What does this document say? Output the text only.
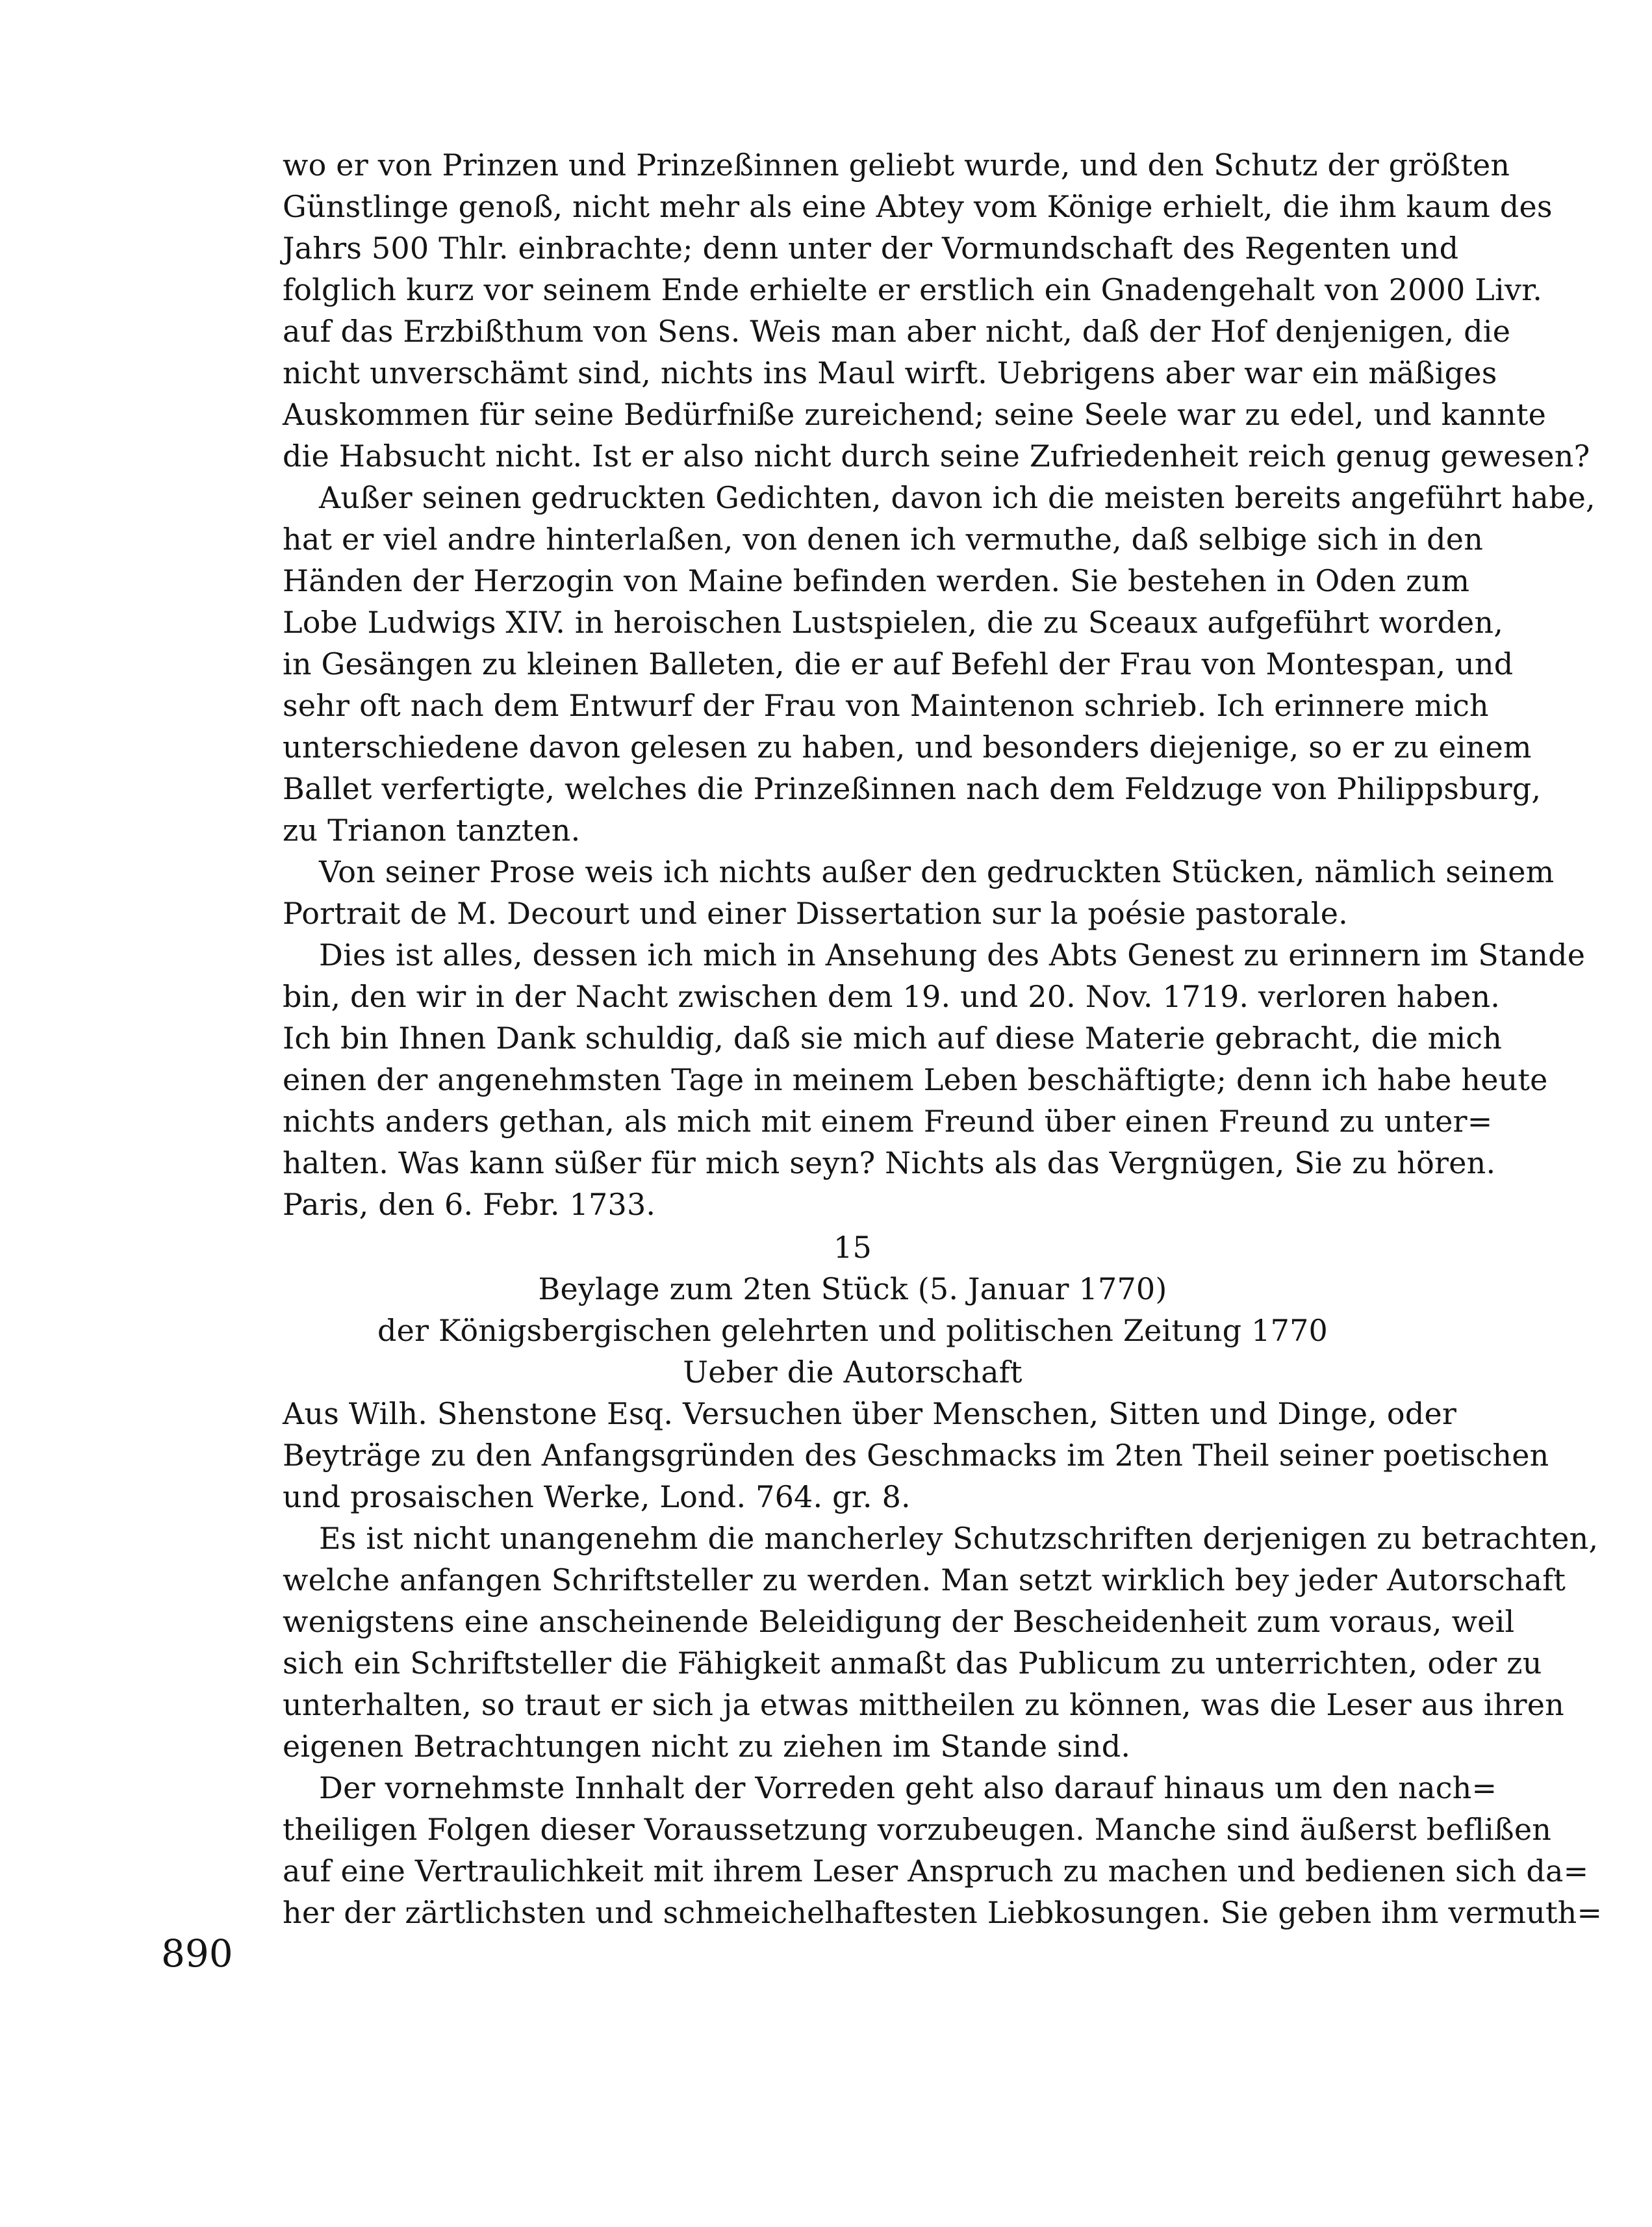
wo er von Prinzen und Prinzeßinnen geliebt wurde, und den Schutz der größten
Günstlinge genoß, nicht mehr als eine Abtey vom Könige erhielt, die ihm kaum des
Jahrs 500 Thlr. einbrachte; denn unter der Vormundschaft des Regenten und
folglich kurz vor seinem Ende erhielte er erstlich ein Gnadengehalt von 2000 Livr.
auf das Erzbißthum von Sens. Weis man aber nicht, daß der Hof denjenigen, die
nicht unverschämt sind, nichts ins Maul wirft. Uebrigens aber war ein mäßiges
Auskommen für seine Bedürfniße zureichend; seine Seele war zu edel, und kannte
die Habsucht nicht. Ist er also nicht durch seine Zufriedenheit reich genug gewesen?
Außer seinen gedruckten Gedichten, davon ich die meisten bereits angeführt habe,
hat er viel andre hinterlaßen, von denen ich vermuthe, daß selbige sich in den
Händen der Herzogin von Maine befinden werden. Sie bestehen in Oden zum
Lobe Ludwigs XIV. in heroischen Lustspielen, die zu Sceaux aufgeführt worden,
in Gesängen zu kleinen Balleten, die er auf Befehl der Frau von Montespan, und
sehr oft nach dem Entwurf der Frau von Maintenon schrieb. Ich erinnere mich
unterschiedene davon gelesen zu haben, und besonders diejenige, so er zu einem
Ballet verfertigte, welches die Prinzeßinnen nach dem Feldzuge von Philippsburg,
zu Trianon tanzten.
Von seiner Prose weis ich nichts außer den gedruckten Stücken, nämlich seinem
Portrait de M. Decourt und einer Dissertation sur la poésie pastorale.
Dies ist alles, dessen ich mich in Ansehung des Abts Genest zu erinnern im Stande
bin, den wir in der Nacht zwischen dem 19. und 20. Nov. 1719. verloren haben.
Ich bin Ihnen Dank schuldig, daß sie mich auf diese Materie gebracht, die mich
einen der angenehmsten Tage in meinem Leben beschäftigte; denn ich habe heute
nichts anders gethan, als mich mit einem Freund über einen Freund zu unter=
halten. Was kann süßer für mich seyn? Nichts als das Vergnügen, Sie zu hören.
Paris, den 6. Febr. 1733.
15
Beylage zum 2ten Stück (5. Januar 1770)
der Königsbergischen gelehrten und politischen Zeitung 1770
Ueber die Autorschaft
Aus Wilh. Shenstone Esq. Versuchen über Menschen, Sitten und Dinge, oder
Beyträge zu den Anfangsgründen des Geschmacks im 2ten Theil seiner poetischen
und prosaischen Werke, Lond. 764. gr. 8.
Es ist nicht unangenehm die mancherley Schutzschriften derjenigen zu betrachten,
welche anfangen Schriftsteller zu werden. Man setzt wirklich bey jeder Autorschaft
wenigstens eine anscheinende Beleidigung der Bescheidenheit zum voraus, weil
sich ein Schriftsteller die Fähigkeit anmaßt das Publicum zu unterrichten, oder zu
unterhalten, so traut er sich ja etwas mittheilen zu können, was die Leser aus ihren
eigenen Betrachtungen nicht zu ziehen im Stande sind.
Der vornehmste Innhalt der Vorreden geht also darauf hinaus um den nach=
theiligen Folgen dieser Voraussetzung vorzubeugen. Manche sind äußerst beflißen
auf eine Vertraulichkeit mit ihrem Leser Anspruch zu machen und bedienen sich da=
her der zärtlichsten und schmeichelhaftesten Liebkosungen. Sie geben ihm vermuth=
890
